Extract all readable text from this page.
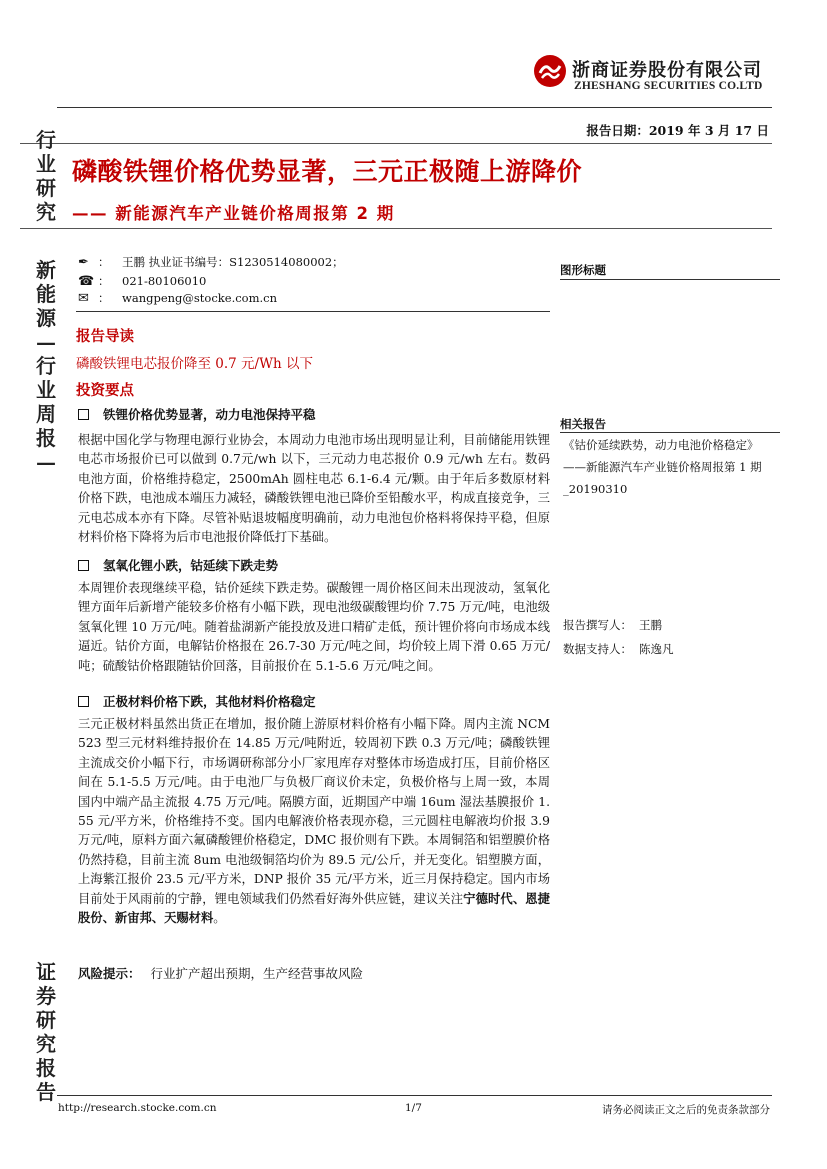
浙商证券股份有限公司
ZHESHANG SECURITIES CO.LTD
报告日期：2019 年 3 月 17 日
行
业
研
究
新
能
源
—
行
业
周
报
—
证
券
研
究
报
告
磷酸铁锂价格优势显著，三元正极随上游降价
—— 新能源汽车产业链价格周报第 2 期
✒ ： 王鹏 执业证书编号：S1230514080002；
☎ ： 021-80106010
✉ ： wangpeng@stocke.com.cn
报告导读
磷酸铁锂电芯报价降至 0.7 元/Wh 以下
投资要点
铁锂价格优势显著，动力电池保持平稳
根据中国化学与物理电源行业协会，本周动力电池市场出现明显让利，目前储能用铁锂电芯市场报价已可以做到 0.7元/wh 以下，三元动力电芯报价 0.9 元/wh 左右。数码电池方面，价格维持稳定，2500mAh 圆柱电芯 6.1-6.4 元/颗。由于年后多数原材料价格下跌，电池成本端压力减轻，磷酸铁锂电池已降价至铅酸水平，构成直接竞争，三元电芯成本亦有下降。尽管补贴退坡幅度明确前，动力电池包价格料将保持平稳，但原材料价格下降将为后市电池报价降低打下基础。
氢氧化锂小跌，钴延续下跌走势
本周锂价表现继续平稳，钴价延续下跌走势。碳酸锂一周价格区间未出现波动，氢氧化锂方面年后新增产能较多价格有小幅下跌，现电池级碳酸锂均价 7.75 万元/吨，电池级氢氧化锂 10 万元/吨。随着盐湖新产能投放及进口精矿走低，预计锂价将向市场成本线逼近。钴价方面，电解钴价格报在 26.7-30 万元/吨之间，均价较上周下滑 0.65 万元/吨；硫酸钴价格跟随钴价回落，目前报价在 5.1-5.6 万元/吨之间。
正极材料价格下跌，其他材料价格稳定
三元正极材料虽然出货正在增加，报价随上游原材料价格有小幅下降。周内主流 NCM523 型三元材料维持报价在 14.85 万元/吨附近，较周初下跌 0.3 万元/吨；磷酸铁锂主流成交价小幅下行，市场调研称部分小厂家甩库存对整体市场造成打压，目前价格区间在 5.1-5.5 万元/吨。由于电池厂与负极厂商议价未定，负极价格与上周一致，本周国内中端产品主流报 4.75 万元/吨。隔膜方面，近期国产中端 16um 湿法基膜报价 1.55 元/平方米，价格维持不变。国内电解液价格表现亦稳，三元圆柱电解液均价报 3.9 万元/吨，原料方面六氟磷酸锂价格稳定，DMC 报价则有下跌。本周铜箔和铝塑膜价格仍然持稳，目前主流 8um 电池级铜箔均价为 89.5 元/公斤，并无变化。铝塑膜方面，上海紫江报价 23.5 元/平方米，DNP 报价 35 元/平方米，近三月保持稳定。国内市场目前处于风雨前的宁静，锂电领域我们仍然看好海外供应链，建议关注宁德时代、恩捷股份、新宙邦、天赐材料。
风险提示： 行业扩产超出预期，生产经营事故风险
图形标题
相关报告
《钴价延续跌势，动力电池价格稳定》——新能源汽车产业链价格周报第 1 期_20190310
报告撰写人： 王鹏
数据支持人： 陈逸凡
http://research.stocke.com.cn	1/7	请务必阅读正文之后的免责条款部分
